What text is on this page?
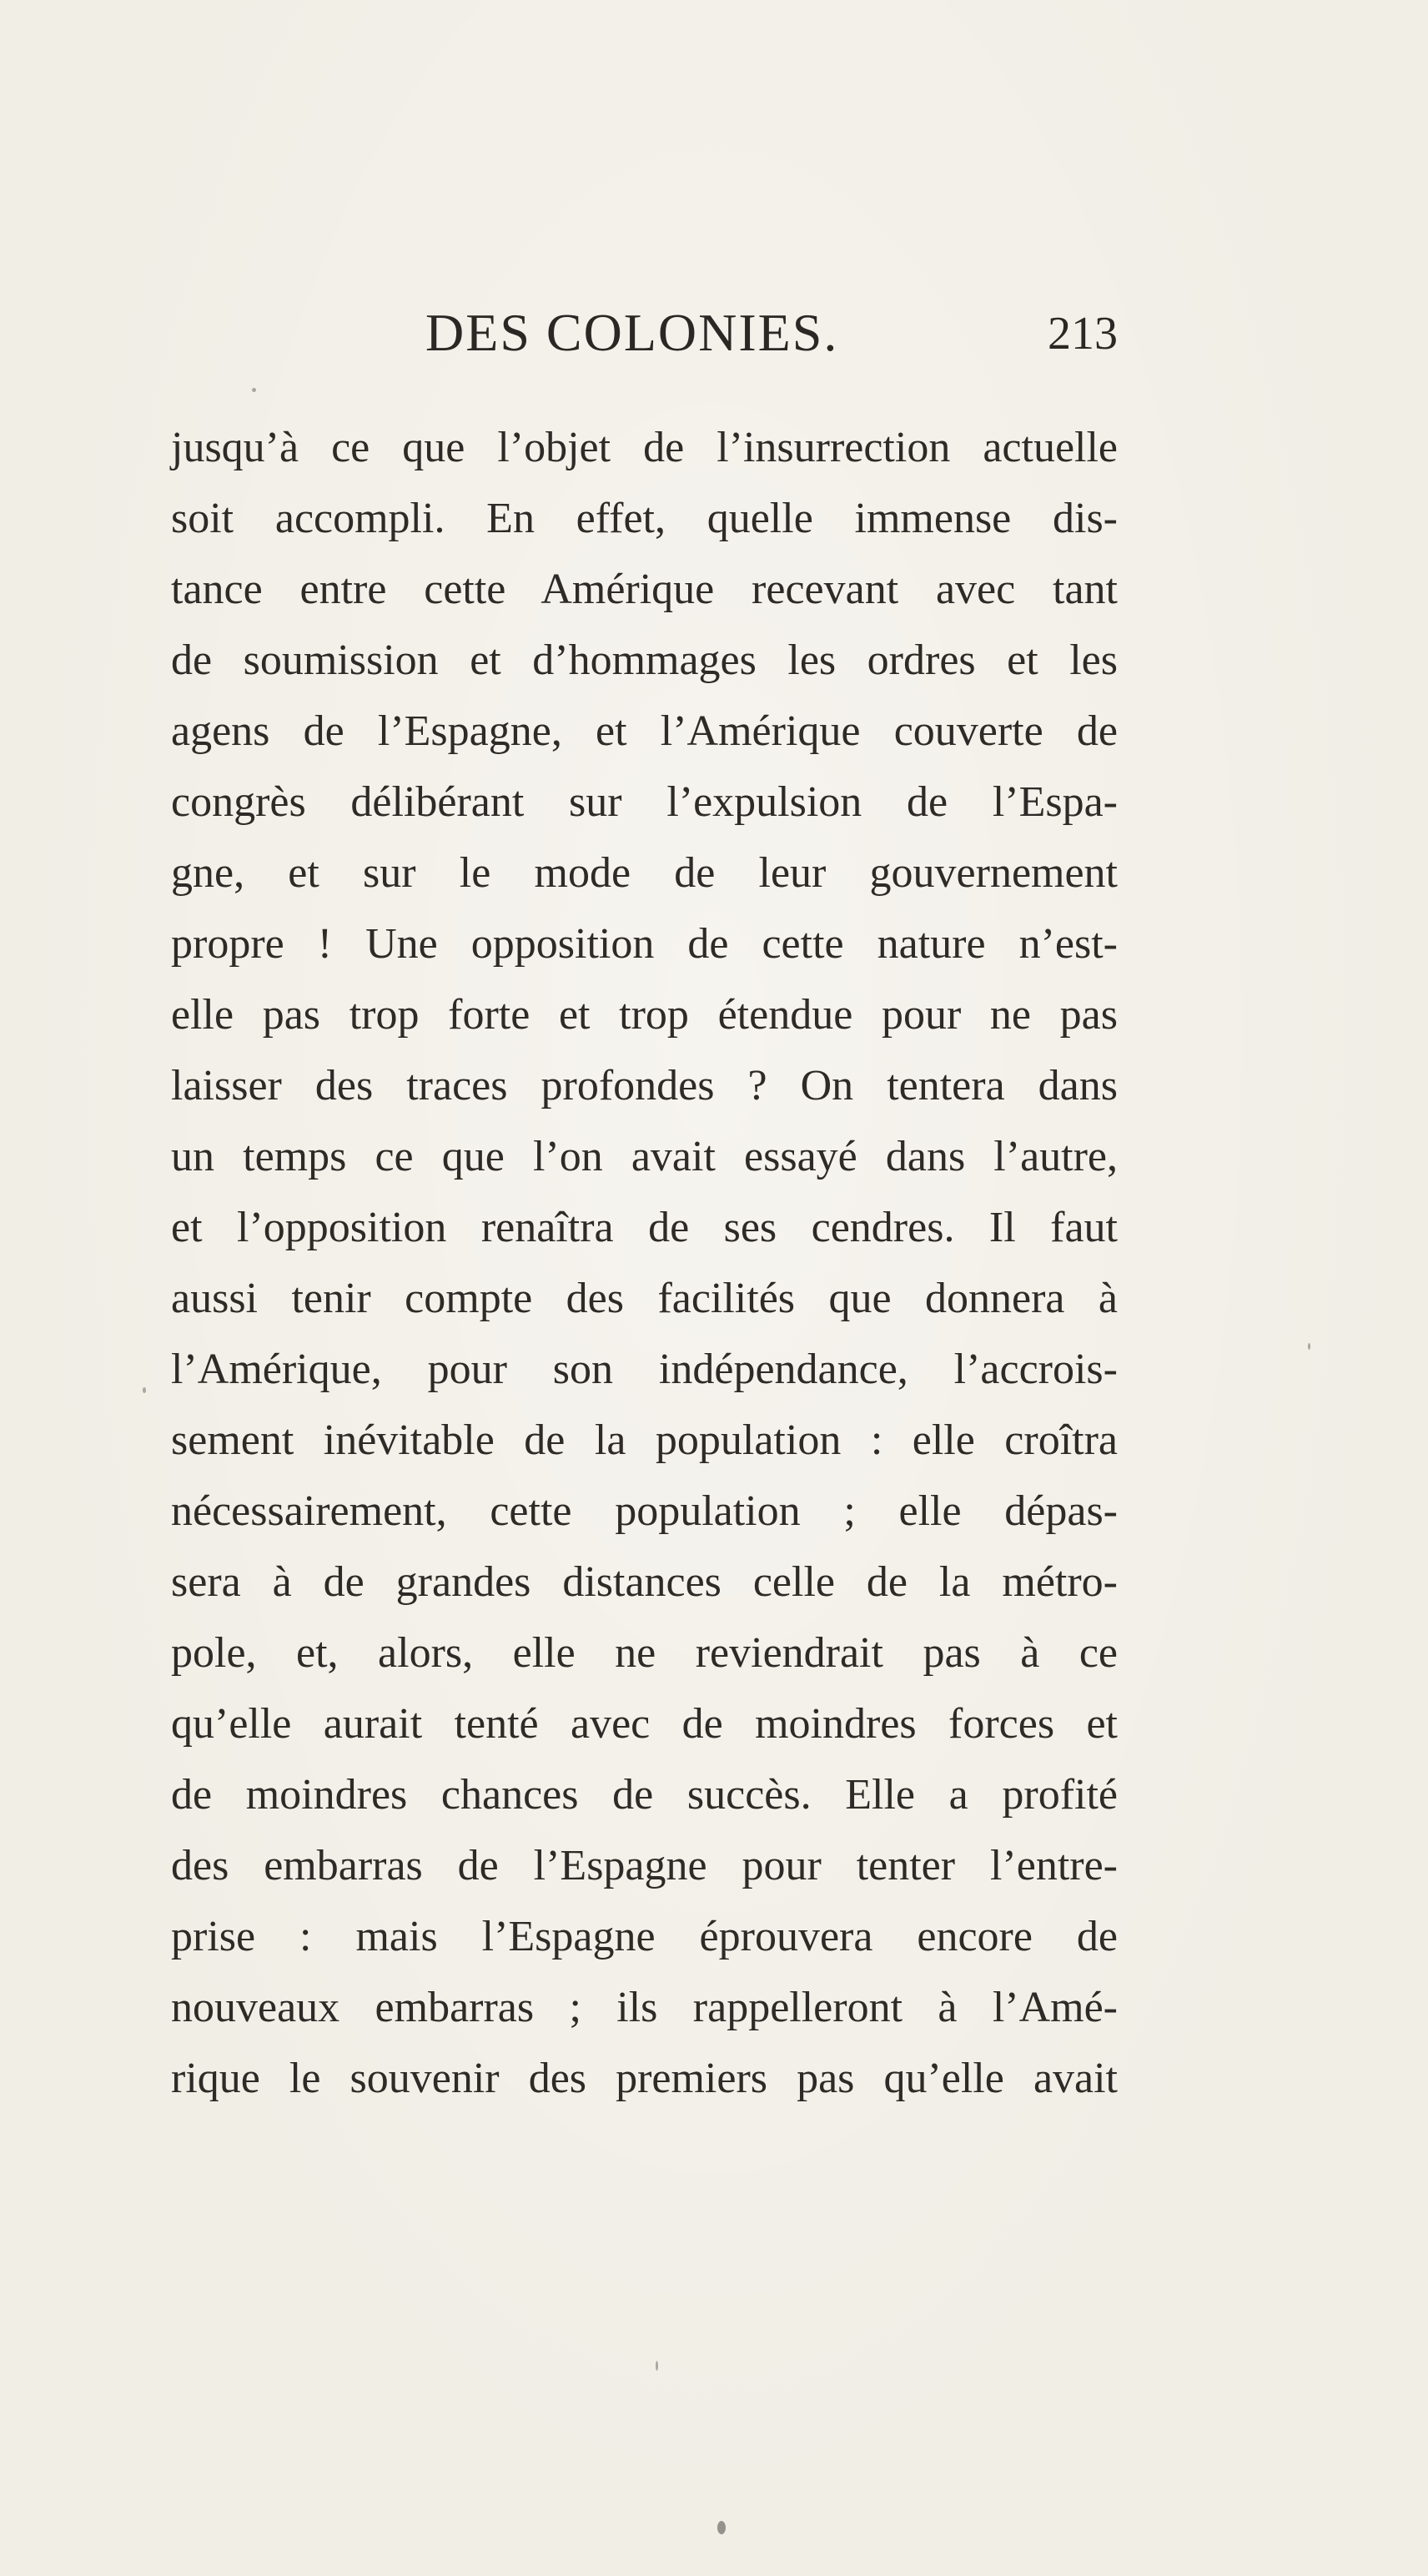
DES COLONIES.	213
jusqu’à ce que l’objet de l’insurrection actuelle
soit accompli. En effet, quelle immense dis-
tance entre cette Amérique recevant avec tant
de soumission et d’hommages les ordres et les
agens de l’Espagne, et l’Amérique couverte de
congrès délibérant sur l’expulsion de l’Espa-
gne, et sur le mode de leur gouvernement
propre ! Une opposition de cette nature n’est-
elle pas trop forte et trop étendue pour ne pas
laisser des traces profondes ? On tentera dans
un temps ce que l’on avait essayé dans l’autre,
et l’opposition renaîtra de ses cendres. Il faut
aussi tenir compte des facilités que donnera à
l’Amérique, pour son indépendance, l’accrois-
sement inévitable de la population : elle croîtra
nécessairement, cette population ; elle dépas-
sera à de grandes distances celle de la métro-
pole, et, alors, elle ne reviendrait pas à ce
qu’elle aurait tenté avec de moindres forces et
de moindres chances de succès. Elle a profité
des embarras de l’Espagne pour tenter l’entre-
prise : mais l’Espagne éprouvera encore de
nouveaux embarras ; ils rappelleront à l’Amé-
rique le souvenir des premiers pas qu’elle avait
